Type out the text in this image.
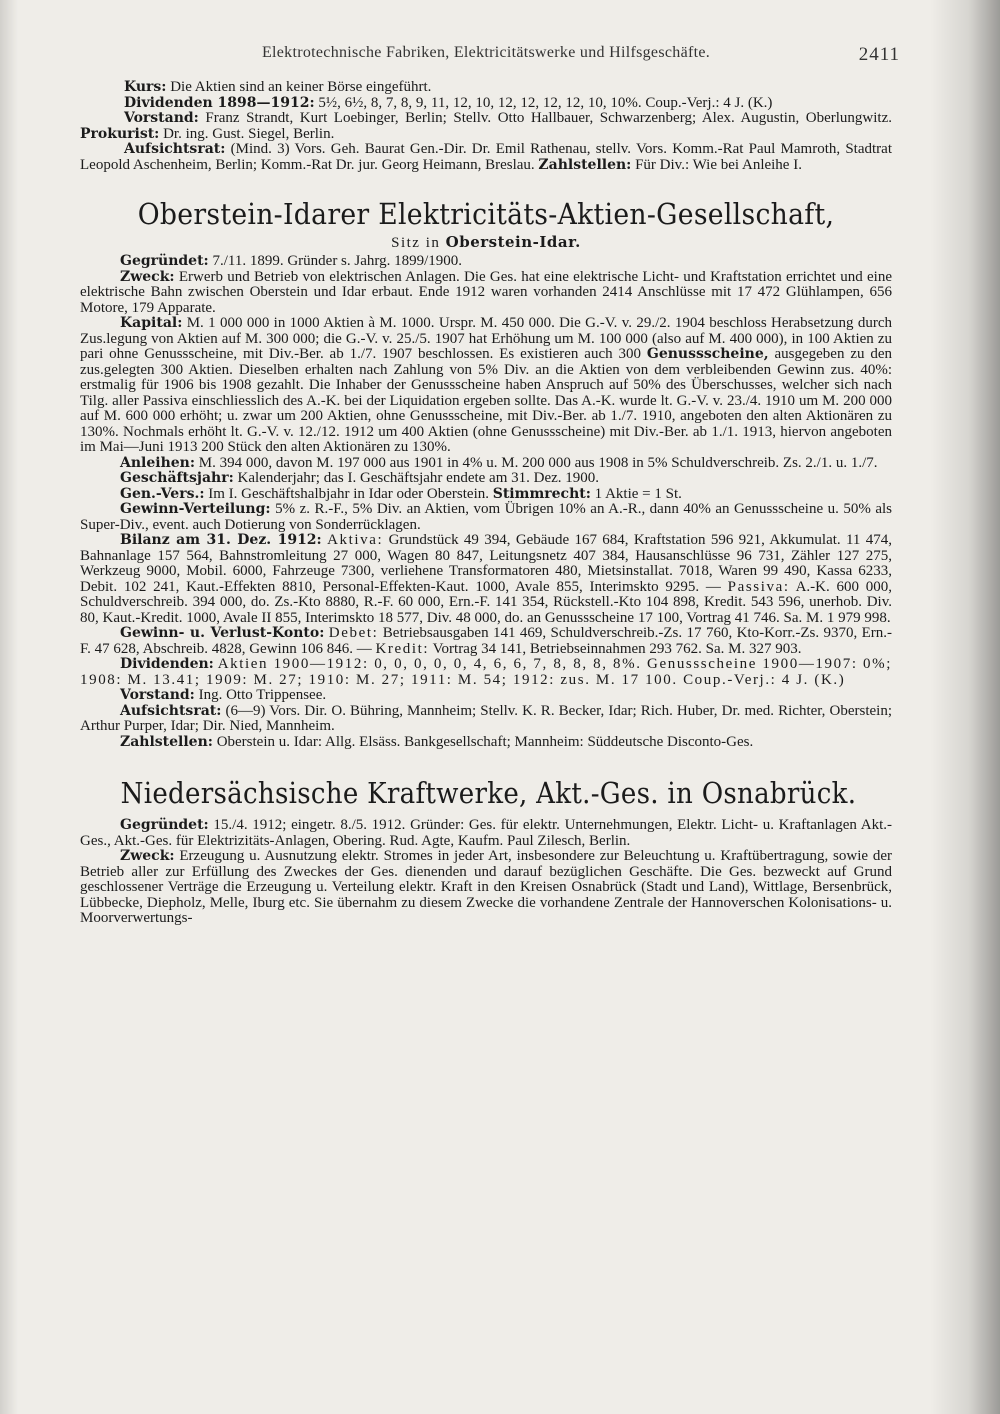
Elektrotechnische Fabriken, Elektricitätswerke und Hilfsgeschäfte.	2411

Kurs: Die Aktien sind an keiner Börse eingeführt.

Dividenden 1898—1912: 5½, 6½, 8, 7, 8, 9, 11, 12, 10, 12, 12, 12, 12, 10, 10%. Coup.-Verj.: 4 J. (K.)

Vorstand: Franz Strandt, Kurt Loebinger, Berlin; Stellv. Otto Hallbauer, Schwarzenberg; Alex. Augustin, Oberlungwitz. Prokurist: Dr. ing. Gust. Siegel, Berlin.

Aufsichtsrat: (Mind. 3) Vors. Geh. Baurat Gen.-Dir. Dr. Emil Rathenau, stellv. Vors. Komm.-Rat Paul Mamroth, Stadtrat Leopold Aschenheim, Berlin; Komm.-Rat Dr. jur. Georg Heimann, Breslau. Zahlstellen: Für Div.: Wie bei Anleihe I.

Oberstein-Idarer Elektricitäts-Aktien-Gesellschaft,
Sitz in Oberstein-Idar.

Gegründet: 7./11. 1899. Gründer s. Jahrg. 1899/1900.

Zweck: Erwerb und Betrieb von elektrischen Anlagen. Die Ges. hat eine elektrische Licht- und Kraftstation errichtet und eine elektrische Bahn zwischen Oberstein und Idar erbaut. Ende 1912 waren vorhanden 2414 Anschlüsse mit 17 472 Glühlampen, 656 Motore, 179 Apparate.

Kapital: M. 1 000 000 in 1000 Aktien à M. 1000. Urspr. M. 450 000. Die G.-V. v. 29./2. 1904 beschloss Herabsetzung durch Zus.legung von Aktien auf M. 300 000; die G.-V. v. 25./5. 1907 hat Erhöhung um M. 100 000 (also auf M. 400 000), in 100 Aktien zu pari ohne Genussscheine, mit Div.-Ber. ab 1./7. 1907 beschlossen. Es existieren auch 300 Genussscheine, ausgegeben zu den zus.gelegten 300 Aktien. Dieselben erhalten nach Zahlung von 5% Div. an die Aktien von dem verbleibenden Gewinn zus. 40%: erstmalig für 1906 bis 1908 gezahlt. Die Inhaber der Genussscheine haben Anspruch auf 50% des Überschusses, welcher sich nach Tilg. aller Passiva einschliesslich des A.-K. bei der Liquidation ergeben sollte. Das A.-K. wurde lt. G.-V. v. 23./4. 1910 um M. 200 000 auf M. 600 000 erhöht; u. zwar um 200 Aktien, ohne Genussscheine, mit Div.-Ber. ab 1./7. 1910, angeboten den alten Aktionären zu 130%. Nochmals erhöht lt. G.-V. v. 12./12. 1912 um 400 Aktien (ohne Genussscheine) mit Div.-Ber. ab 1./1. 1913, hiervon angeboten im Mai—Juni 1913 200 Stück den alten Aktionären zu 130%.

Anleihen: M. 394 000, davon M. 197 000 aus 1901 in 4% u. M. 200 000 aus 1908 in 5% Schuldverschreib. Zs. 2./1. u. 1./7.

Geschäftsjahr: Kalenderjahr; das I. Geschäftsjahr endete am 31. Dez. 1900.

Gen.-Vers.: Im I. Geschäftshalbjahr in Idar oder Oberstein. Stimmrecht: 1 Aktie = 1 St.

Gewinn-Verteilung: 5% z. R.-F., 5% Div. an Aktien, vom Übrigen 10% an A.-R., dann 40% an Genussscheine u. 50% als Super-Div., event. auch Dotierung von Sonderrücklagen.

Bilanz am 31. Dez. 1912: Aktiva: Grundstück 49 394, Gebäude 167 684, Kraftstation 596 921, Akkumulat. 11 474, Bahnanlage 157 564, Bahnstromleitung 27 000, Wagen 80 847, Leitungsnetz 407 384, Hausanschlüsse 96 731, Zähler 127 275, Werkzeug 9000, Mobil. 6000, Fahrzeuge 7300, verliehene Transformatoren 480, Mietsinstallat. 7018, Waren 99 490, Kassa 6233, Debit. 102 241, Kaut.-Effekten 8810, Personal-Effekten-Kaut. 1000, Avale 855, Interimskto 9295. — Passiva: A.-K. 600 000, Schuldverschreib. 394 000, do. Zs.-Kto 8880, R.-F. 60 000, Ern.-F. 141 354, Rückstell.-Kto 104 898, Kredit. 543 596, unerhob. Div. 80, Kaut.-Kredit. 1000, Avale II 855, Interimskto 18 577, Div. 48 000, do. an Genussscheine 17 100, Vortrag 41 746. Sa. M. 1 979 998.

Gewinn- u. Verlust-Konto: Debet: Betriebsausgaben 141 469, Schuldverschreib.-Zs. 17 760, Kto-Korr.-Zs. 9370, Ern.-F. 47 628, Abschreib. 4828, Gewinn 106 846. — Kredit: Vortrag 34 141, Betriebseinnahmen 293 762. Sa. M. 327 903.

Dividenden: Aktien 1900—1912: 0, 0, 0, 0, 0, 4, 6, 6, 7, 8, 8, 8, 8%. Genussscheine 1900—1907: 0%; 1908: M. 13.41; 1909: M. 27; 1910: M. 27; 1911: M. 54; 1912: zus. M. 17 100. Coup.-Verj.: 4 J. (K.)

Vorstand: Ing. Otto Trippensee.

Aufsichtsrat: (6—9) Vors. Dir. O. Bühring, Mannheim; Stellv. K. R. Becker, Idar; Rich. Huber, Dr. med. Richter, Oberstein; Arthur Purper, Idar; Dir. Nied, Mannheim.

Zahlstellen: Oberstein u. Idar: Allg. Elsäss. Bankgesellschaft; Mannheim: Süddeutsche Disconto-Ges.

Niedersächsische Kraftwerke, Akt.-Ges. in Osnabrück.

Gegründet: 15./4. 1912; eingetr. 8./5. 1912. Gründer: Ges. für elektr. Unternehmungen, Elektr. Licht- u. Kraftanlagen Akt.-Ges., Akt.-Ges. für Elektrizitäts-Anlagen, Obering. Rud. Agte, Kaufm. Paul Zilesch, Berlin.

Zweck: Erzeugung u. Ausnutzung elektr. Stromes in jeder Art, insbesondere zur Beleuchtung u. Kraftübertragung, sowie der Betrieb aller zur Erfüllung des Zweckes der Ges. dienenden und darauf bezüglichen Geschäfte. Die Ges. bezweckt auf Grund geschlossener Verträge die Erzeugung u. Verteilung elektr. Kraft in den Kreisen Osnabrück (Stadt und Land), Wittlage, Bersenbrück, Lübbecke, Diepholz, Melle, Iburg etc. Sie übernahm zu diesem Zwecke die vorhandene Zentrale der Hannoverschen Kolonisations- u. Moorverwertungs-
